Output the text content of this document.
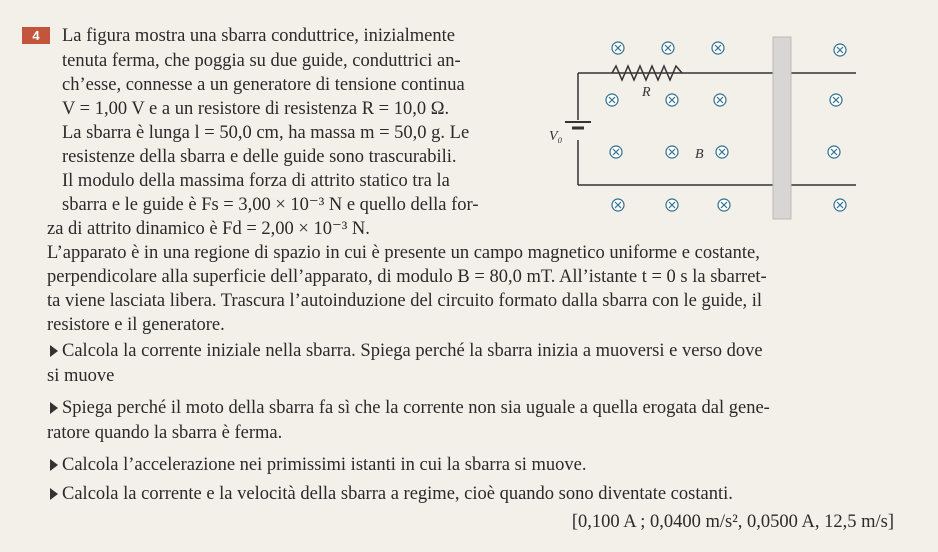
4	La figura mostra una sbarra conduttrice, inizialmente
tenuta ferma, che poggia su due guide, conduttrici an-
ch’esse, connesse a un generatore di tensione continua
V = 1,00 V e a un resistore di resistenza R = 10,0 Ω.
La sbarra è lunga l = 50,0 cm, ha massa m = 50,0 g. Le
resistenze della sbarra e delle guide sono trascurabili.
Il modulo della massima forza di attrito statico tra la
sbarra e le guide è Fs = 3,00 × 10⁻³ N e quello della for-
za di attrito dinamico è Fd = 2,00 × 10⁻³ N.
L’apparato è in una regione di spazio in cui è presente un campo magnetico uniforme e costante,
perpendicolare alla superficie dell’apparato, di modulo B = 80,0 mT. All’istante t = 0 s la sbarret-
ta viene lasciata libera. Trascura l’autoinduzione del circuito formato dalla sbarra con le guide, il
resistore e il generatore.
Calcola la corrente iniziale nella sbarra. Spiega perché la sbarra inizia a muoversi e verso dove
si muove
Spiega perché il moto della sbarra fa sì che la corrente non sia uguale a quella erogata dal gene-
ratore quando la sbarra è ferma.
Calcola l’accelerazione nei primissimi istanti in cui la sbarra si muove.
Calcola la corrente e la velocità della sbarra a regime, cioè quando sono diventate costanti.
[0,100 A ; 0,0400 m/s², 0,0500 A, 12,5 m/s]
R
V₀
B⃗
